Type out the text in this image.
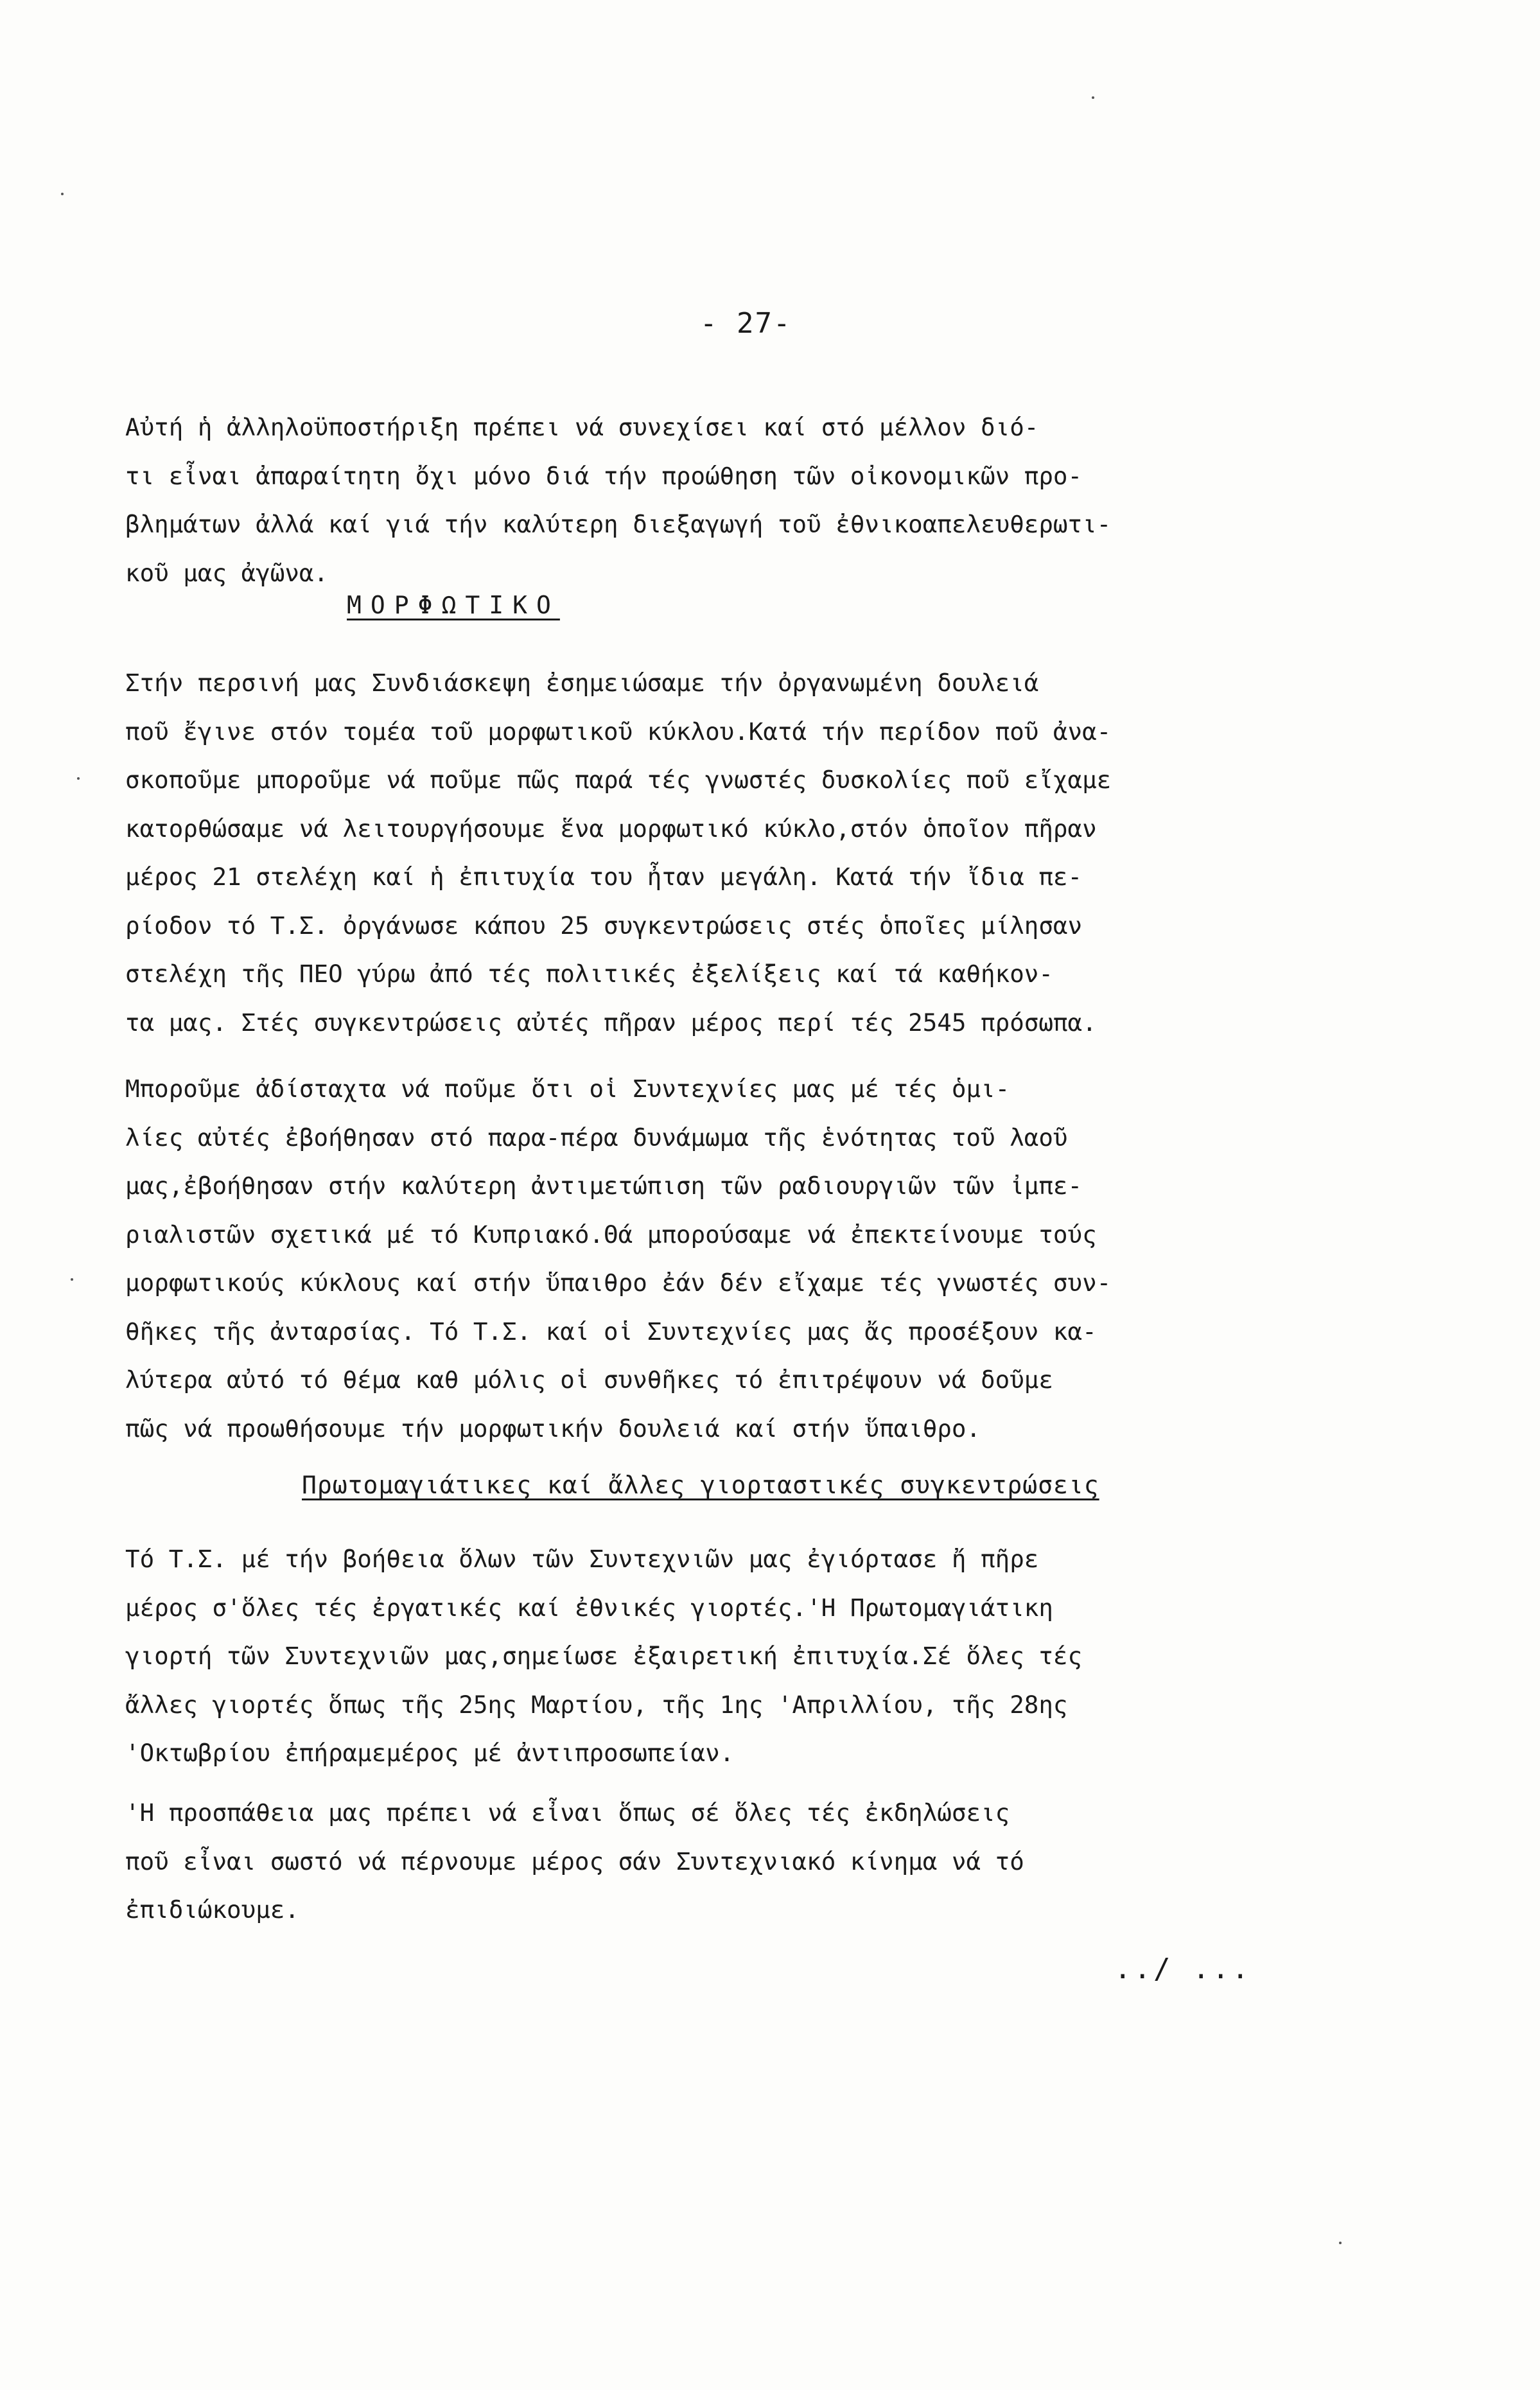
- 27-
Αὐτή ἡ ἀλληλοϋποστήριξη πρέπει νά συνεχίσει καί στό μέλλον διό-
τι εἶναι ἀπαραίτητη ὄχι μόνο διά τήν προώθηση τῶν οἰκονομικῶν προ-
βλημάτων ἀλλά καί γιά τήν καλύτερη διεξαγωγή τοῦ ἐθνικοαπελευθερωτι-
κοῦ μας ἀγῶνα.
ΜΟΡΦΩΤΙΚΟ
Στήν περσινή μας Συνδιάσκεψη ἐσημειώσαμε τήν ὀργανωμένη δουλειά
ποῦ ἔγινε στόν τομέα τοῦ μορφωτικοῦ κύκλου.Κατά τήν περίδον ποῦ ἀνα-
σκοποῦμε μποροῦμε νά ποῦμε πῶς παρά τές γνωστές δυσκολίες ποῦ εἴχαμε
κατορθώσαμε νά λειτουργήσουμε ἕνα μορφωτικό κύκλο,στόν ὁποῖον πῆραν
μέρος 21 στελέχη καί ἡ ἐπιτυχία του ἦταν μεγάλη. Κατά τήν ἴδια πε-
ρίοδον τό Τ.Σ. ὀργάνωσε κάπου 25 συγκεντρώσεις στές ὁποῖες μίλησαν
στελέχη τῆς ΠΕΟ γύρω ἀπό τές πολιτικές ἐξελίξεις καί τά καθήκον-
τα μας. Στές συγκεντρώσεις αὐτές πῆραν μέρος περί τές 2545 πρόσωπα.
Μποροῦμε ἀδίσταχτα νά ποῦμε ὅτι οἱ Συντεχνίες μας μέ τές ὁμι-
λίες αὐτές ἐβοήθησαν στό παρα-πέρα δυνάμωμα τῆς ἑνότητας τοῦ λαοῦ
μας,ἐβοήθησαν στήν καλύτερη ἀντιμετώπιση τῶν ραδιουργιῶν τῶν ἰμπε-
ριαλιστῶν σχετικά μέ τό Κυπριακό.Θά μπορούσαμε νά ἐπεκτείνουμε τούς
μορφωτικούς κύκλους καί στήν ὕπαιθρο ἐάν δέν εἴχαμε τές γνωστές συν-
θῆκες τῆς ἀνταρσίας. Τό Τ.Σ. καί οἱ Συντεχνίες μας ἄς προσέξουν κα-
λύτερα αὐτό τό θέμα καθ μόλις οἱ συνθῆκες τό ἐπιτρέψουν νά δοῦμε
πῶς νά προωθήσουμε τήν μορφωτικήν δουλειά καί στήν ὕπαιθρο.
Πρωτομαγιάτικες καί ἄλλες γιορταστικές συγκεντρώσεις
Τό Τ.Σ. μέ τήν βοήθεια ὅλων τῶν Συντεχνιῶν μας ἐγιόρτασε ἤ πῆρε
μέρος σ'ὅλες τές ἐργατικές καί ἐθνικές γιορτές.'Η Πρωτομαγιάτικη
γιορτή τῶν Συντεχνιῶν μας,σημείωσε ἐξαιρετική ἐπιτυχία.Σέ ὅλες τές
ἄλλες γιορτές ὅπως τῆς 25ης Μαρτίου, τῆς 1ης 'Απριλλίου, τῆς 28ης
'Οκτωβρίου ἐπήραμεμέρος μέ ἀντιπροσωπείαν.
'Η προσπάθεια μας πρέπει νά εἶναι ὅπως σέ ὅλες τές ἐκδηλώσεις
ποῦ εἶναι σωστό νά πέρνουμε μέρος σάν Συντεχνιακό κίνημα νά τό
ἐπιδιώκουμε.
../ ...
